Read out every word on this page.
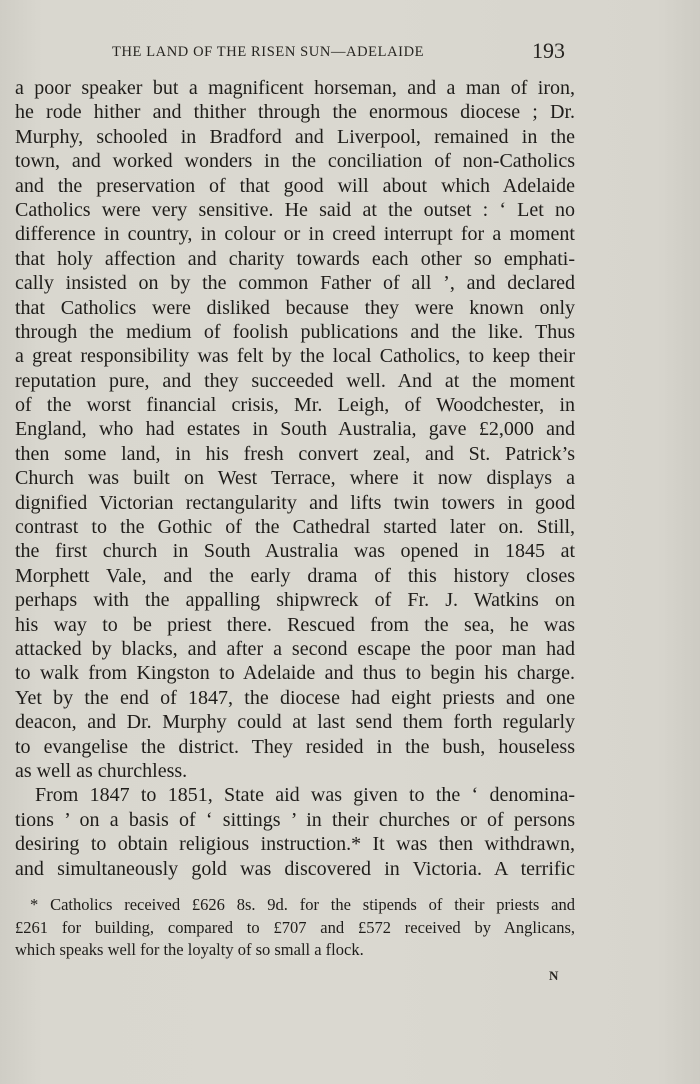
THE LAND OF THE RISEN SUN—ADELAIDE	193
a poor speaker but a magnificent horseman, and a man of iron,
he rode hither and thither through the enormous diocese ; Dr.
Murphy, schooled in Bradford and Liverpool, remained in the
town, and worked wonders in the conciliation of non-Catholics
and the preservation of that good will about which Adelaide
Catholics were very sensitive. He said at the outset : ‘ Let no
difference in country, in colour or in creed interrupt for a moment
that holy affection and charity towards each other so emphati-
cally insisted on by the common Father of all ’, and declared
that Catholics were disliked because they were known only
through the medium of foolish publications and the like. Thus
a great responsibility was felt by the local Catholics, to keep their
reputation pure, and they succeeded well. And at the moment
of the worst financial crisis, Mr. Leigh, of Woodchester, in
England, who had estates in South Australia, gave £2,000 and
then some land, in his fresh convert zeal, and St. Patrick’s
Church was built on West Terrace, where it now displays a
dignified Victorian rectangularity and lifts twin towers in good
contrast to the Gothic of the Cathedral started later on. Still,
the first church in South Australia was opened in 1845 at
Morphett Vale, and the early drama of this history closes
perhaps with the appalling shipwreck of Fr. J. Watkins on
his way to be priest there. Rescued from the sea, he was
attacked by blacks, and after a second escape the poor man had
to walk from Kingston to Adelaide and thus to begin his charge.
Yet by the end of 1847, the diocese had eight priests and one
deacon, and Dr. Murphy could at last send them forth regularly
to evangelise the district. They resided in the bush, houseless
as well as churchless.
From 1847 to 1851, State aid was given to the ‘ denomina-
tions ’ on a basis of ‘ sittings ’ in their churches or of persons
desiring to obtain religious instruction.* It was then withdrawn,
and simultaneously gold was discovered in Victoria. A terrific
* Catholics received £626 8s. 9d. for the stipends of their priests and
£261 for building, compared to £707 and £572 received by Anglicans,
which speaks well for the loyalty of so small a flock.
N
